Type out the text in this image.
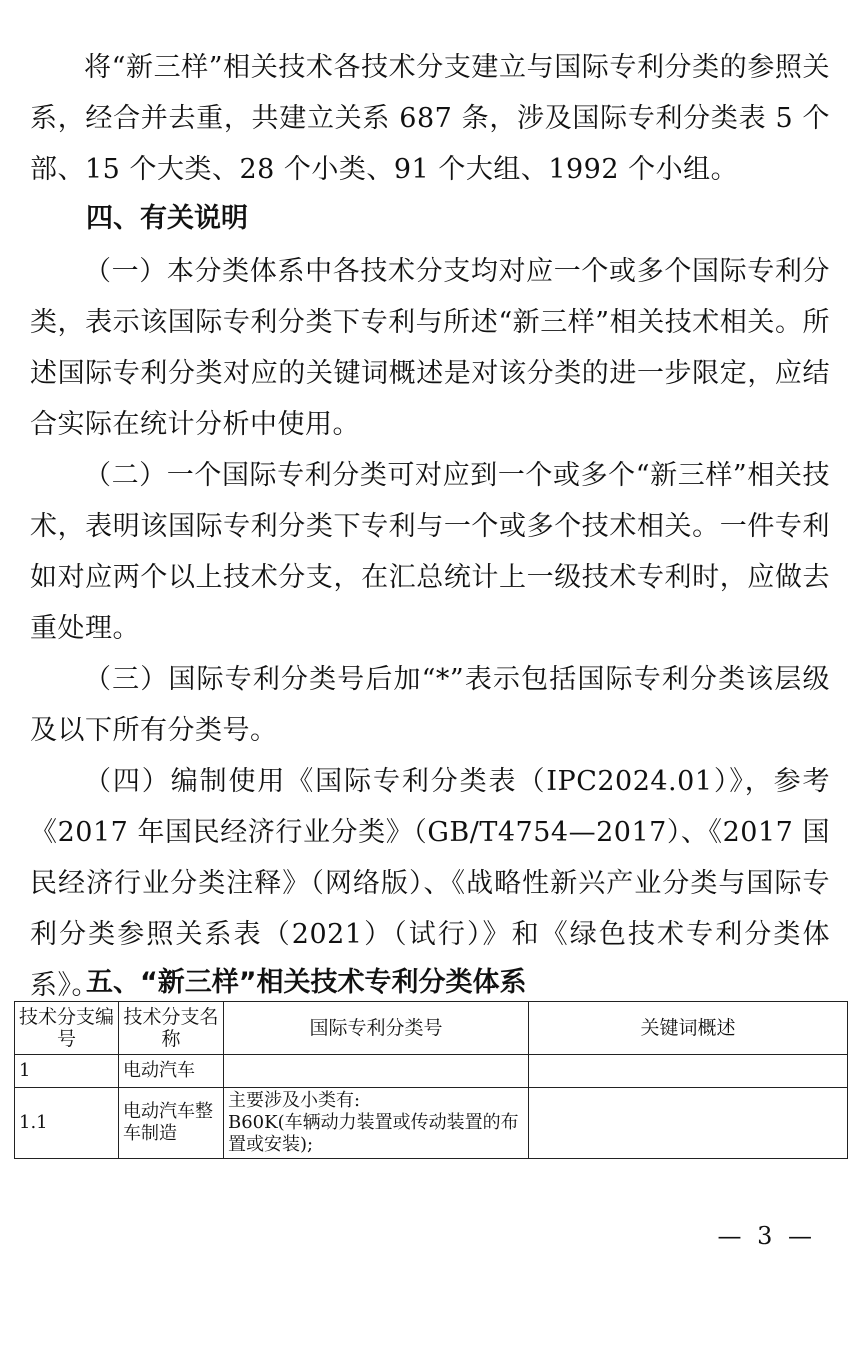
将“新三样”相关技术各技术分支建立与国际专利分类的参照关系，经合并去重，共建立关系 687 条，涉及国际专利分类表 5 个部、15 个大类、28 个小类、91 个大组、1992 个小组。

四、有关说明

（一）本分类体系中各技术分支均对应一个或多个国际专利分类，表示该国际专利分类下专利与所述“新三样”相关技术相关。所述国际专利分类对应的关键词概述是对该分类的进一步限定，应结合实际在统计分析中使用。

（二）一个国际专利分类可对应到一个或多个“新三样”相关技术，表明该国际专利分类下专利与一个或多个技术相关。一件专利如对应两个以上技术分支，在汇总统计上一级技术专利时，应做去重处理。

（三）国际专利分类号后加“*”表示包括国际专利分类该层级及以下所有分类号。

（四）编制使用《国际专利分类表（IPC2024.01）》，参考《2017 年国民经济行业分类》（GB/T4754—2017）、《2017 国民经济行业分类注释》（网络版）、《战略性新兴产业分类与国际专利分类参照关系表（2021）（试行）》和《绿色技术专利分类体系》。

五、“新三样”相关技术专利分类体系
技术分支编号	技术分支名称	国际专利分类号	关键词概述
1	电动汽车	

1.1	电动汽车整车制造	主要涉及小类有:
B60K(车辆动力装置或传动装置的布置或安装);	

— 3 —
